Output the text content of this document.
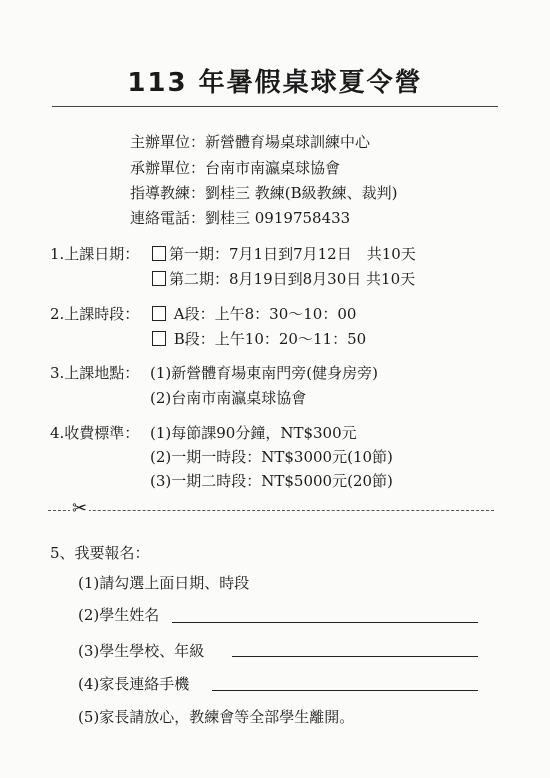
113 年暑假桌球夏令營
主辦單位：新營體育場桌球訓練中心
承辦單位：台南市南瀛桌球協會
指導教練：劉桂三 教練(B級教練、裁判)
連絡電話：劉桂三 0919758433
1.上課日期：	第一期：7月1日到7月12日　共10天
第二期：8月19日到8月30日 共10天
2.上課時段：	A段：上午8：30～10：00
B段：上午10：20～11：50
3.上課地點： (1)新營體育場東南門旁(健身房旁)
(2)台南市南瀛桌球協會
4.收費標準： (1)每節課90分鐘，NT$300元
(2)一期一時段：NT$3000元(10節)
(3)一期二時段：NT$5000元(20節)
✂
5、我要報名：
(1)請勾選上面日期、時段
(2)學生姓名
(3)學生學校、年級
(4)家長連絡手機
(5)家長請放心，教練會等全部學生離開。
